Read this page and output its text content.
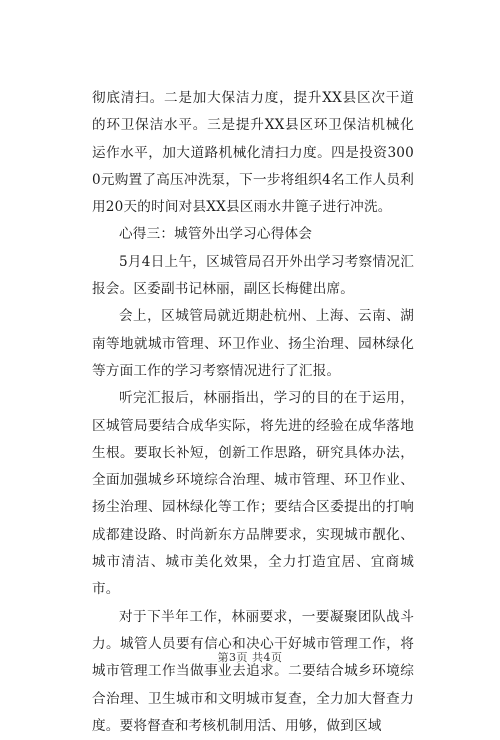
彻底清扫。二是加大保洁力度，提升XX县区次干道的环卫保洁水平。三是提升XX县区环卫保洁机械化运作水平，加大道路机械化清扫力度。四是投资3000元购置了高压冲洗泵，下一步将组织4名工作人员利用20天的时间对县XX县区雨水井篦子进行冲洗。

心得三：城管外出学习心得体会

5月4日上午，区城管局召开外出学习考察情况汇报会。区委副书记林丽，副区长梅健出席。

会上，区城管局就近期赴杭州、上海、云南、湖南等地就城市管理、环卫作业、扬尘治理、园林绿化等方面工作的学习考察情况进行了汇报。

听完汇报后，林丽指出，学习的目的在于运用，区城管局要结合成华实际，将先进的经验在成华落地生根。要取长补短，创新工作思路，研究具体办法，全面加强城乡环境综合治理、城市管理、环卫作业、扬尘治理、园林绿化等工作；要结合区委提出的打响成都建设路、时尚新东方品牌要求，实现城市靓化、城市清洁、城市美化效果，全力打造宜居、宜商城市。

对于下半年工作，林丽要求，一要凝聚团队战斗力。城管人员要有信心和决心干好城市管理工作，将城市管理工作当做事业去追求。二要结合城乡环境综合治理、卫生城市和文明城市复查，全力加大督查力度。要将督查和考核机制用活、用够，做到区域

第3页 共4页
